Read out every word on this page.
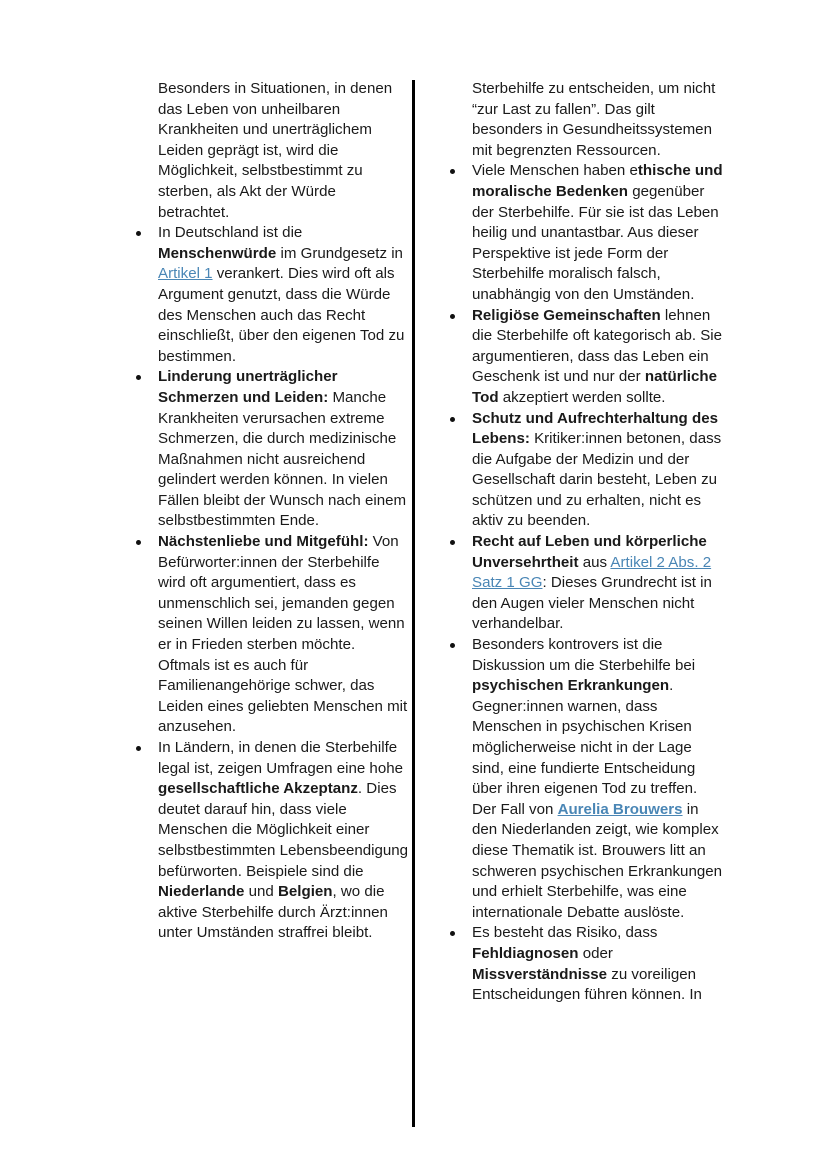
Besonders in Situationen, in denen das Leben von unheilbaren Krankheiten und unerträglichem Leiden geprägt ist, wird die Möglichkeit, selbstbestimmt zu sterben, als Akt der Würde betrachtet.

In Deutschland ist die Menschenwürde im Grundgesetz in Artikel 1 verankert. Dies wird oft als Argument genutzt, dass die Würde des Menschen auch das Recht einschließt, über den eigenen Tod zu bestimmen.
Linderung unerträglicher Schmerzen und Leiden: Manche Krankheiten verursachen extreme Schmerzen, die durch medizinische Maßnahmen nicht ausreichend gelindert werden können. In vielen Fällen bleibt der Wunsch nach einem selbstbestimmten Ende.
Nächstenliebe und Mitgefühl: Von Befürworter:innen der Sterbehilfe wird oft argumentiert, dass es unmenschlich sei, jemanden gegen seinen Willen leiden zu lassen, wenn er in Frieden sterben möchte. Oftmals ist es auch für Familienangehörige schwer, das Leiden eines geliebten Menschen mit anzusehen.
In Ländern, in denen die Sterbehilfe legal ist, zeigen Umfragen eine hohe gesellschaftliche Akzeptanz. Dies deutet darauf hin, dass viele Menschen die Möglichkeit einer selbstbestimmten Lebensbeendigung befürworten. Beispiele sind die Niederlande und Belgien, wo die aktive Sterbehilfe durch Ärzt:innen unter Umständen straffrei bleibt.

Sterbehilfe zu entscheiden, um nicht “zur Last zu fallen”. Das gilt besonders in Gesundheitssystemen mit begrenzten Ressourcen.

Viele Menschen haben ethische und moralische Bedenken gegenüber der Sterbehilfe. Für sie ist das Leben heilig und unantastbar. Aus dieser Perspektive ist jede Form der Sterbehilfe moralisch falsch, unabhängig von den Umständen.
Religiöse Gemeinschaften lehnen die Sterbehilfe oft kategorisch ab. Sie argumentieren, dass das Leben ein Geschenk ist und nur der natürliche Tod akzeptiert werden sollte.
Schutz und Aufrechterhaltung des Lebens: Kritiker:innen betonen, dass die Aufgabe der Medizin und der Gesellschaft darin besteht, Leben zu schützen und zu erhalten, nicht es aktiv zu beenden.
Recht auf Leben und körperliche Unversehrtheit aus Artikel 2 Abs. 2 Satz 1 GG: Dieses Grundrecht ist in den Augen vieler Menschen nicht verhandelbar.
Besonders kontrovers ist die Diskussion um die Sterbehilfe bei psychischen Erkrankungen. Gegner:innen warnen, dass Menschen in psychischen Krisen möglicherweise nicht in der Lage sind, eine fundierte Entscheidung über ihren eigenen Tod zu treffen. Der Fall von Aurelia Brouwers in den Niederlanden zeigt, wie komplex diese Thematik ist. Brouwers litt an schweren psychischen Erkrankungen und erhielt Sterbehilfe, was eine internationale Debatte auslöste.
Es besteht das Risiko, dass Fehldiagnosen oder Missverständnisse zu voreiligen Entscheidungen führen können. In
